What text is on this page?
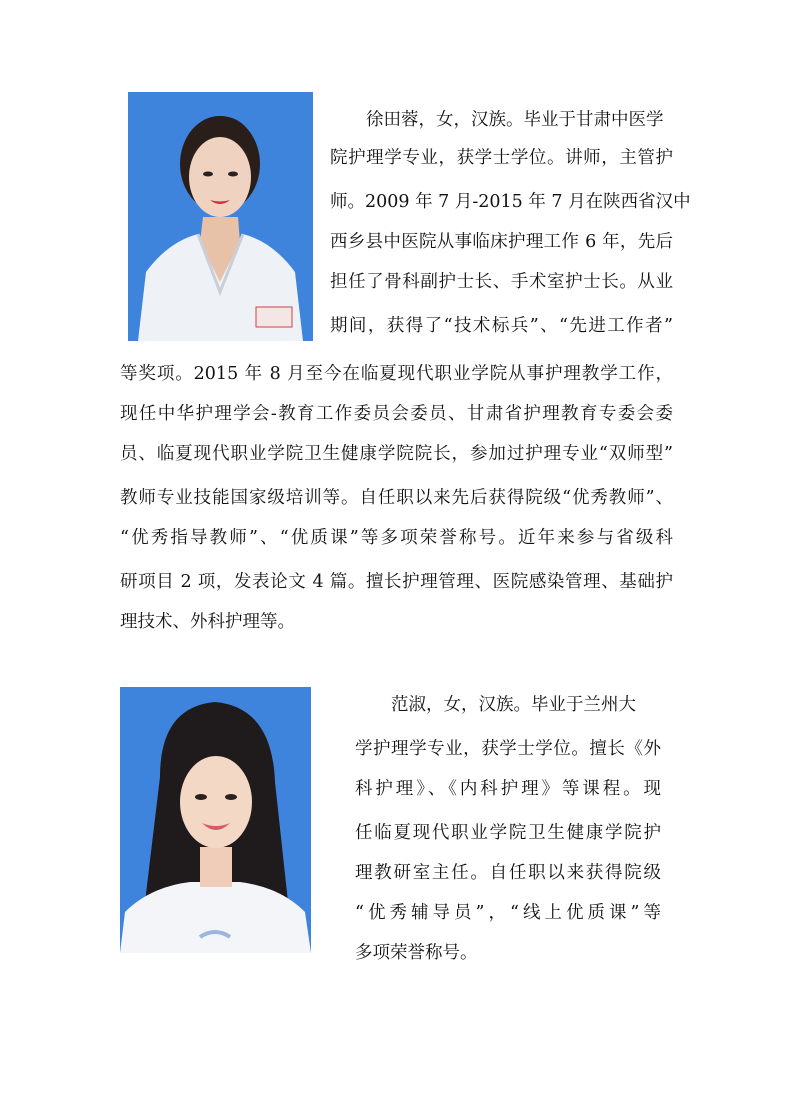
徐田蓉，女，汉族。毕业于甘肃中医学
院护理学专业，获学士学位。讲师，主管护
师。2009 年 7 月-2015 年 7 月在陕西省汉中
西乡县中医院从事临床护理工作 6 年，先后
担任了骨科副护士长、手术室护士长。从业
期间，获得了“技术标兵”、“先进工作者”
等奖项。2015 年 8 月至今在临夏现代职业学院从事护理教学工作，
现任中华护理学会-教育工作委员会委员、甘肃省护理教育专委会委
员、临夏现代职业学院卫生健康学院院长，参加过护理专业“双师型”
教师专业技能国家级培训等。自任职以来先后获得院级“优秀教师”、
“优秀指导教师”、“优质课”等多项荣誉称号。近年来参与省级科
研项目 2 项，发表论文 4 篇。擅长护理管理、医院感染管理、基础护
理技术、外科护理等。
范淑，女，汉族。毕业于兰州大
学护理学专业，获学士学位。擅长《外
科护理》、《内科护理》等课程。现
任临夏现代职业学院卫生健康学院护
理教研室主任。自任职以来获得院级
“优秀辅导员”，“线上优质课”等
多项荣誉称号。
